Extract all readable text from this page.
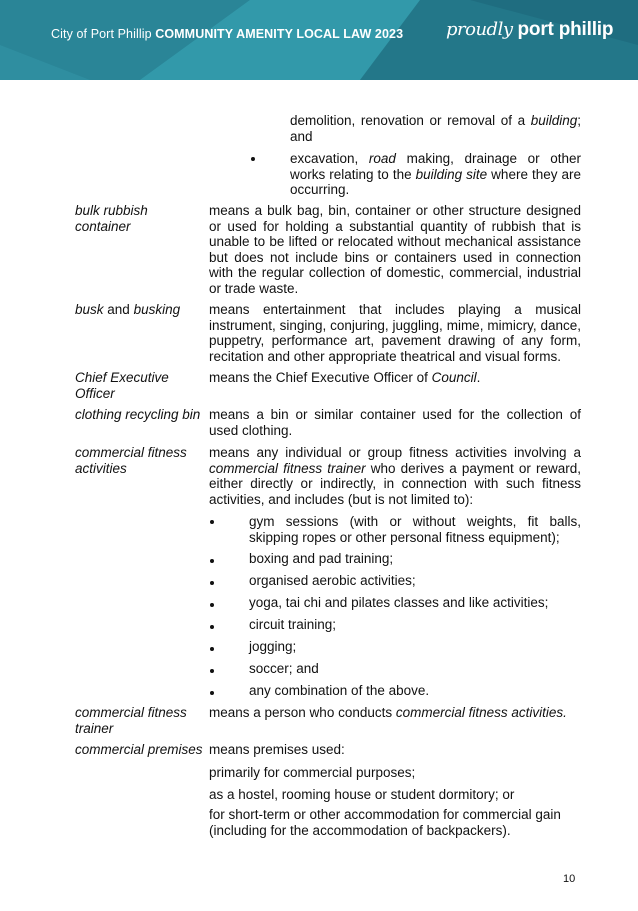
City of Port Phillip COMMUNITY AMENITY LOCAL LAW 2023 proudly port phillip
demolition, renovation or removal of a building; and
excavation, road making, drainage or other works relating to the building site where they are occurring.
bulk rubbish container
means a bulk bag, bin, container or other structure designed or used for holding a substantial quantity of rubbish that is unable to be lifted or relocated without mechanical assistance but does not include bins or containers used in connection with the regular collection of domestic, commercial, industrial or trade waste.
busk and busking means entertainment that includes playing a musical instrument, singing, conjuring, juggling, mime, mimicry, dance, puppetry, performance art, pavement drawing of any form, recitation and other appropriate theatrical and visual forms.
Chief Executive Officer
means the Chief Executive Officer of Council.
clothing recycling bin means a bin or similar container used for the collection of used clothing.
commercial fitness activities
means any individual or group fitness activities involving a commercial fitness trainer who derives a payment or reward, either directly or indirectly, in connection with such fitness activities, and includes (but is not limited to):
gym sessions (with or without weights, fit balls, skipping ropes or other personal fitness equipment);
boxing and pad training;
organised aerobic activities;
yoga, tai chi and pilates classes and like activities;
circuit training;
jogging;
soccer; and
any combination of the above.
commercial fitness trainer
means a person who conducts commercial fitness activities.
commercial premises means premises used:
primarily for commercial purposes;
as a hostel, rooming house or student dormitory; or
for short-term or other accommodation for commercial gain (including for the accommodation of backpackers).
10
